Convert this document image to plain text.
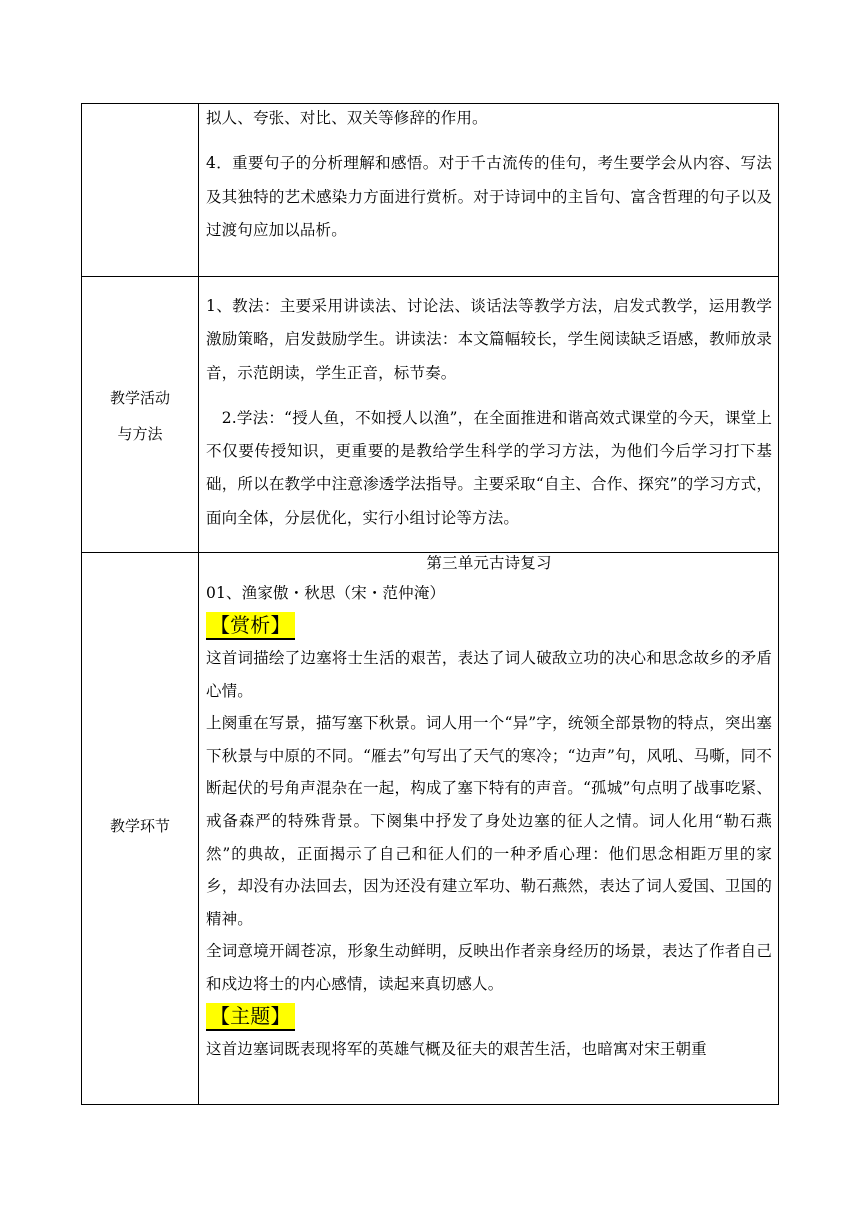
拟人、夸张、对比、双关等修辞的作用。

4．重要句子的分析理解和感悟。对于千古流传的佳句，考生要学会从内容、写法及其独特的艺术感染力方面进行赏析。对于诗词中的主旨句、富含哲理的句子以及过渡句应加以品析。

教学活动
与方法

1、教法：主要采用讲读法、讨论法、谈话法等教学方法，启发式教学，运用教学激励策略，启发鼓励学生。讲读法：本文篇幅较长，学生阅读缺乏语感，教师放录音，示范朗读，学生正音，标节奏。

　2.学法：“授人鱼，不如授人以渔”，在全面推进和谐高效式课堂的今天，课堂上不仅要传授知识，更重要的是教给学生科学的学习方法，为他们今后学习打下基础，所以在教学中注意渗透学法指导。主要采取“自主、合作、探究”的学习方式，面向全体，分层优化，实行小组讨论等方法。

教学环节

第三单元古诗复习

01、渔家傲・秋思（宋・范仲淹）

【赏析】

这首词描绘了边塞将士生活的艰苦，表达了词人破敌立功的决心和思念故乡的矛盾心情。

上阕重在写景，描写塞下秋景。词人用一个“异”字，统领全部景物的特点，突出塞下秋景与中原的不同。“雁去”句写出了天气的寒冷；“边声”句，风吼、马嘶，同不断起伏的号角声混杂在一起，构成了塞下特有的声音。“孤城”句点明了战事吃紧、戒备森严的特殊背景。下阕集中抒发了身处边塞的征人之情。词人化用“勒石燕然”的典故，正面揭示了自己和征人们的一种矛盾心理：他们思念相距万里的家乡，却没有办法回去，因为还没有建立军功、勒石燕然，表达了词人爱国、卫国的精神。

全词意境开阔苍凉，形象生动鲜明，反映出作者亲身经历的场景，表达了作者自己和戍边将士的内心感情，读起来真切感人。

【主题】

这首边塞词既表现将军的英雄气概及征夫的艰苦生活，也暗寓对宋王朝重
